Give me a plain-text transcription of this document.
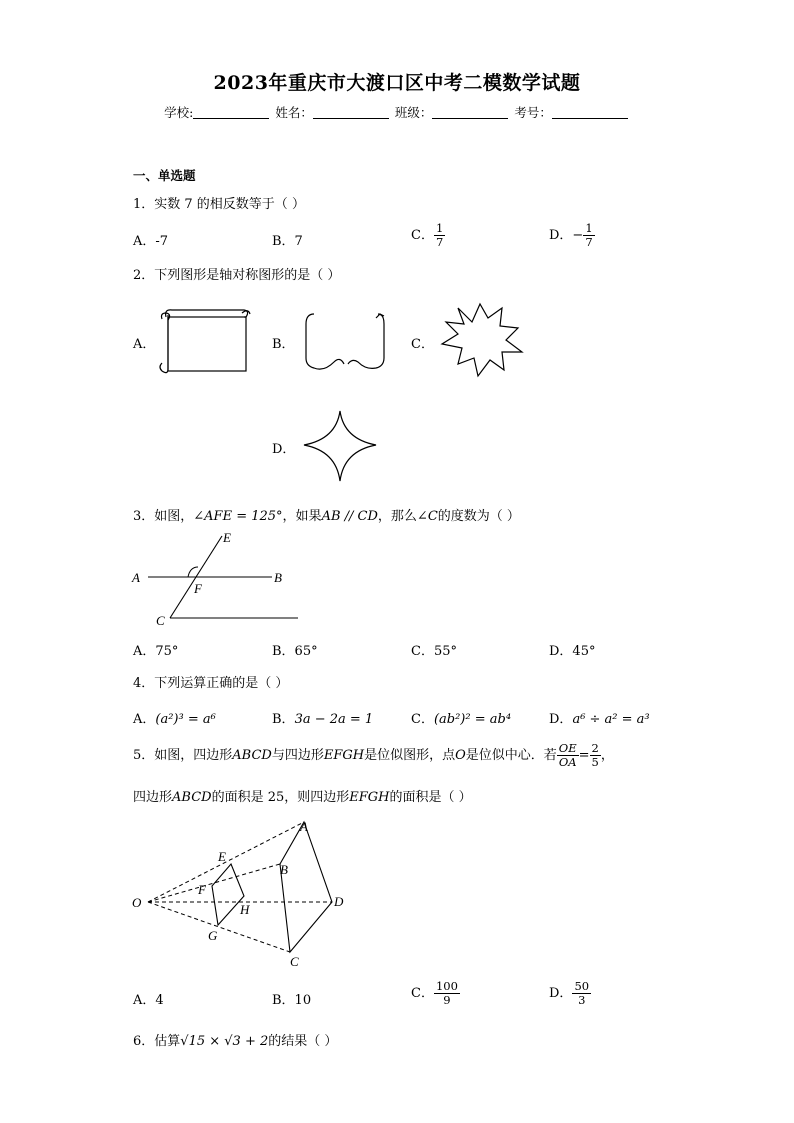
2023年重庆市大渡口区中考二模数学试题
学校:	姓名：	班级：	考号：
一、单选题
1．实数 7 的相反数等于（ ）
A．-7	B．7	C． $\frac{1}{7}$	D．− $\frac{1}{7}$
2．下列图形是轴对称图形的是（ ）
A．	B．	C．
D．
3．如图，∠AFE = 125°，如果AB // CD，那么∠C的度数为（ ）
E
A
F
B
C
A．75°	B．65°	C．55°	D．45°
4．下列运算正确的是（ ）
A．(a²)³ = a⁶	B．3a − 2a = 1	C．(ab²)² = ab⁴	D．a⁶ ÷ a² = a³
5．如图，四边形ABCD与四边形EFGH是位似图形，点O是位似中心．若 $\frac{OE}{OA} = \frac{2}{5}$ ，
四边形ABCD的面积是 25，则四边形EFGH的面积是（ ）
A
E
B
F
O	H
D
G
C
A．4	B．10	C． $\frac{100}{9}$	D． $\frac{50}{3}$
6．估算√15 × √3 + 2的结果（ ）
